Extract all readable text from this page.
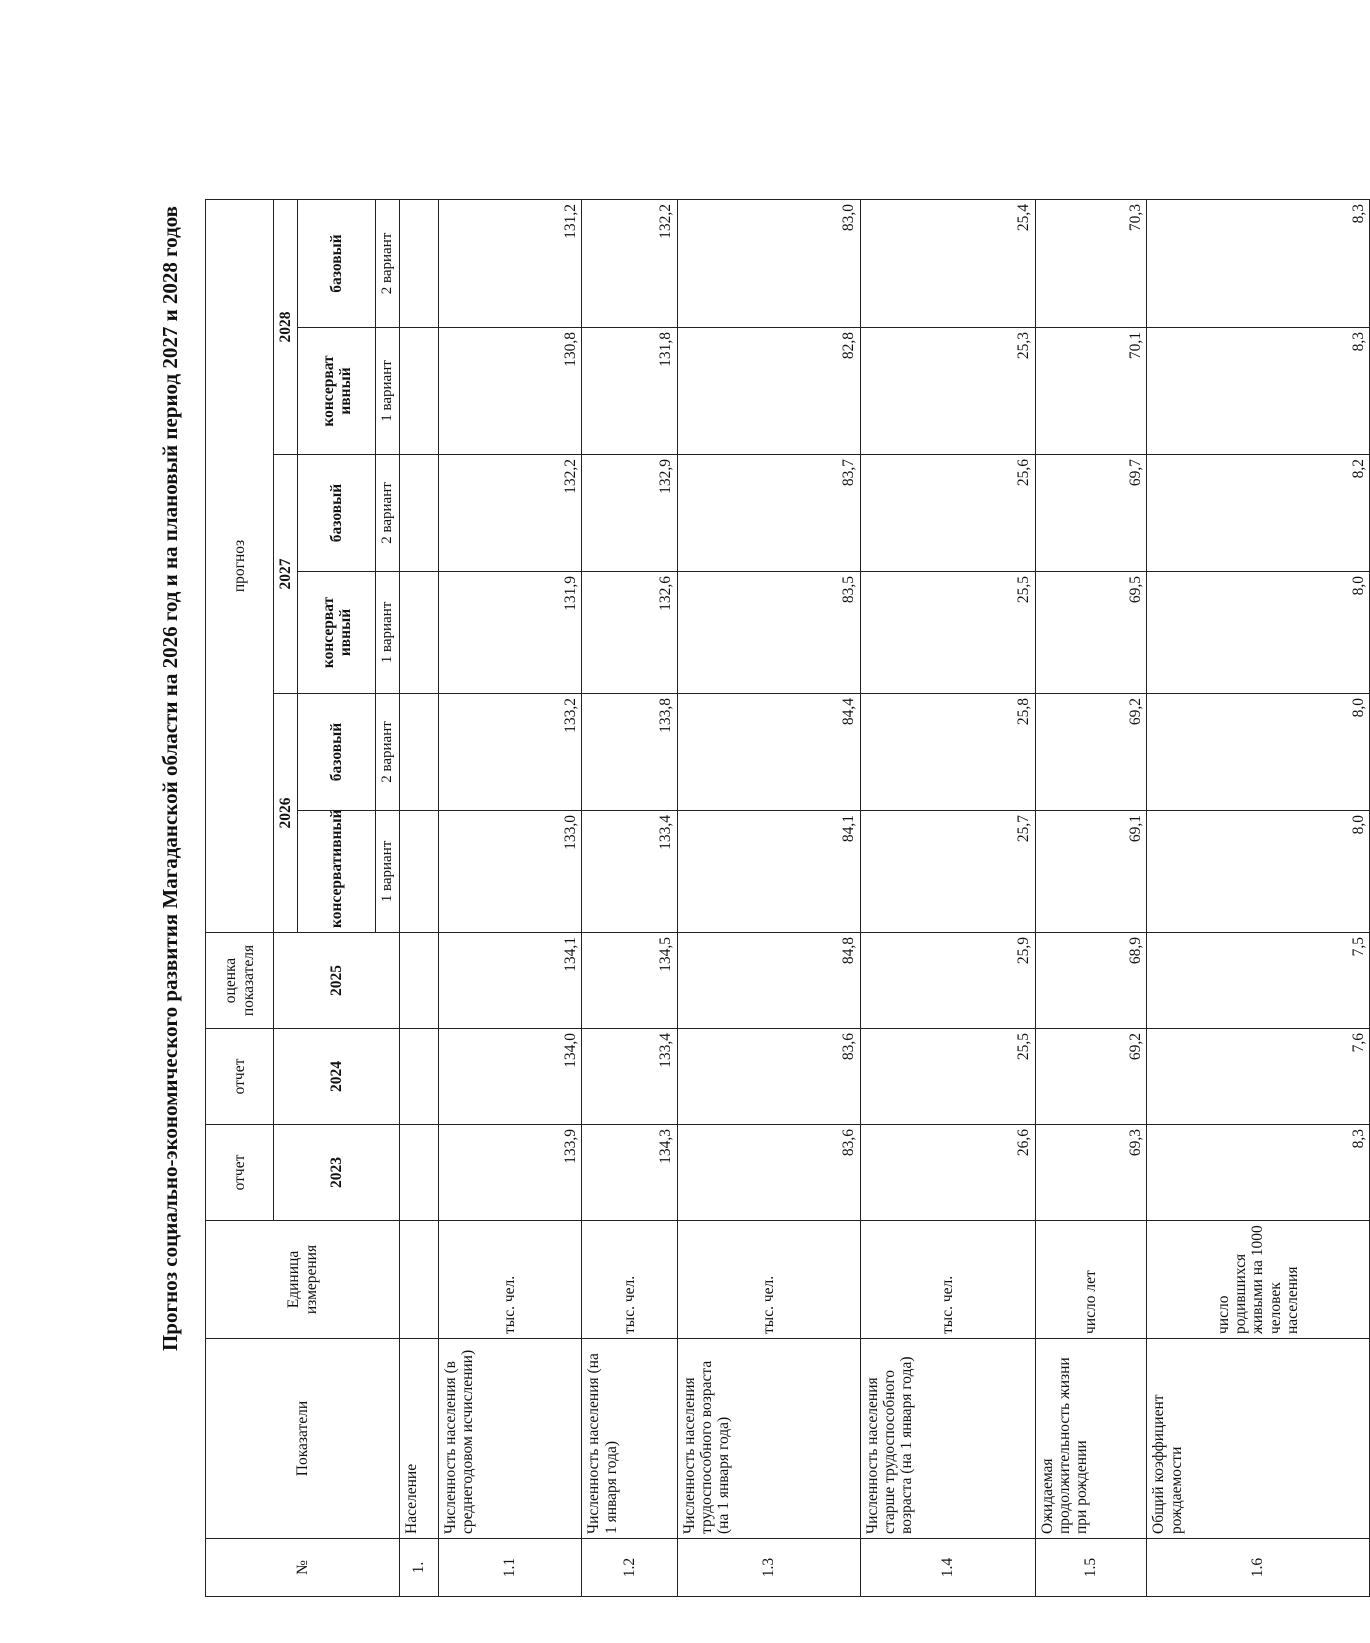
Прогноз социально-экономического развития Магаданской области на 2026 год и на плановый период 2027 и 2028 годов
№	Показатели	Единица измерения	отчет	отчет	оценка показателя	прогноз					
			2023	2024	2025	2026		2027		2028	
						консервативный	базовый	консерват ивный	базовый	консерват ивный	базовый
						1 вариант	2 вариант	1 вариант	2 вариант	1 вариант	2 вариант
1.	Население										
1.1	Численность населения (в среднегодовом исчислении)	тыс. чел.	133,9	134,0	134,1	133,0	133,2	131,9	132,2	130,8	131,2
1.2	Численность населения (на 1 января года)	тыс. чел.	134,3	133,4	134,5	133,4	133,8	132,6	132,9	131,8	132,2
1.3	Численность населения трудоспособного возраста (на 1 января года)	тыс. чел.	83,6	83,6	84,8	84,1	84,4	83,5	83,7	82,8	83,0
1.4	Численность населения старше трудоспособного возраста (на 1 января года)	тыс. чел.	26,6	25,5	25,9	25,7	25,8	25,5	25,6	25,3	25,4
1.5	Ожидаемая продолжительность жизни при рождении	число лет	69,3	69,2	68,9	69,1	69,2	69,5	69,7	70,1	70,3
1.6	Общий коэффициент рождаемости	число родившихся живыми на 1000 человек населения	8,3	7,6	7,5	8,0	8,0	8,0	8,2	8,3	8,3
